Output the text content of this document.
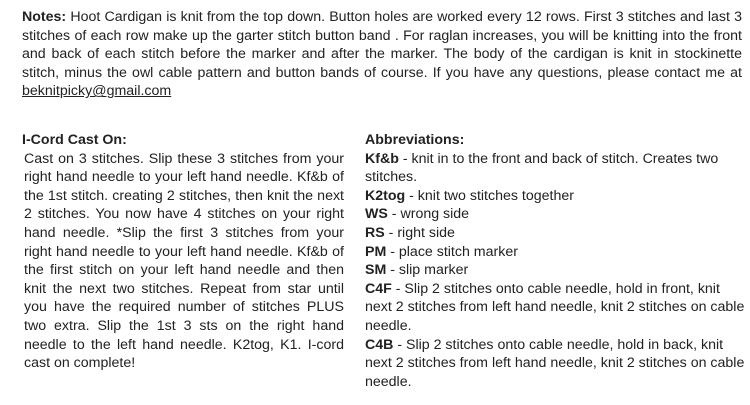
Notes: Hoot Cardigan is knit from the top down. Button holes are worked every 12 rows. First 3 stitches and last 3 stitches of each row make up the garter stitch button band . For raglan increases, you will be knitting into the front and back of each stitch before the marker and after the marker. The body of the cardigan is knit in stockinette stitch, minus the owl cable pattern and button bands of course. If you have any questions, please contact me at beknitpicky@gmail.com
I-Cord Cast On:
Cast on 3 stitches. Slip these 3 stitches from your right hand needle to your left hand needle. Kf&b of the 1st stitch. creating 2 stitches, then knit the next 2 stitches. You now have 4 stitches on your right hand needle. *Slip the first 3 stitches from your right hand needle to your left hand needle. Kf&b of the first stitch on your left hand needle and then knit the next two stitches. Repeat from star until you have the required number of stitches PLUS two extra. Slip the 1st 3 sts on the right hand needle to the left hand needle. K2tog, K1. I-cord cast on complete!
Abbreviations:
Kf&b - knit in to the front and back of stitch. Creates two stitches.
K2tog - knit two stitches together
WS - wrong side
RS - right side
PM - place stitch marker
SM - slip marker
C4F - Slip 2 stitches onto cable needle, hold in front, knit next 2 stitches from left hand needle, knit 2 stitches on cable needle.
C4B - Slip 2 stitches onto cable needle, hold in back, knit next 2 stitches from left hand needle, knit 2 stitches on cable needle.
